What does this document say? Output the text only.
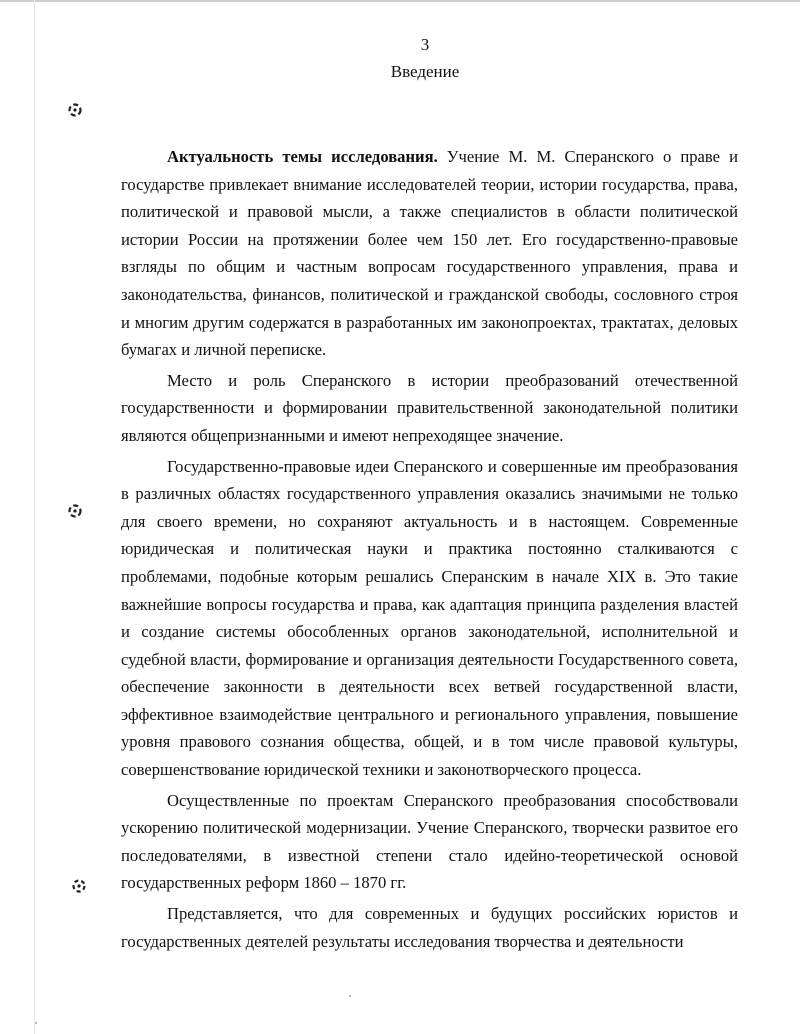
3
Введение

Актуальность темы исследования. Учение М. М. Сперанского о праве и государстве привлекает внимание исследователей теории, истории государства, права, политической и правовой мысли, а также специалистов в области политической истории России на протяжении более чем 150 лет. Его государственно-правовые взгляды по общим и частным вопросам государственного управления, права и законодательства, финансов, политической и гражданской свободы, сословного строя и многим другим содержатся в разработанных им законопроектах, трактатах, деловых бумагах и личной переписке.

Место и роль Сперанского в истории преобразований отечественной государственности и формировании правительственной законодательной политики являются общепризнанными и имеют непреходящее значение.

Государственно-правовые идеи Сперанского и совершенные им преобразования в различных областях государственного управления оказались значимыми не только для своего времени, но сохраняют актуальность и в настоящем. Современные юридическая и политическая науки и практика постоянно сталкиваются с проблемами, подобные которым решались Сперанским в начале XIX в. Это такие важнейшие вопросы государства и права, как адаптация принципа разделения властей и создание системы обособленных органов законодательной, исполнительной и судебной власти, формирование и организация деятельности Государственного совета, обеспечение законности в деятельности всех ветвей государственной власти, эффективное взаимодействие центрального и регионального управления, повышение уровня правового сознания общества, общей, и в том числе правовой культуры, совершенствование юридической техники и законотворческого процесса.

Осуществленные по проектам Сперанского преобразования способствовали ускорению политической модернизации. Учение Сперанского, творчески развитое его последователями, в известной степени стало идейно-теоретической основой государственных реформ 1860 – 1870 гг.

Представляется, что для современных и будущих российских юристов и государственных деятелей результаты исследования творчества и деятельности
